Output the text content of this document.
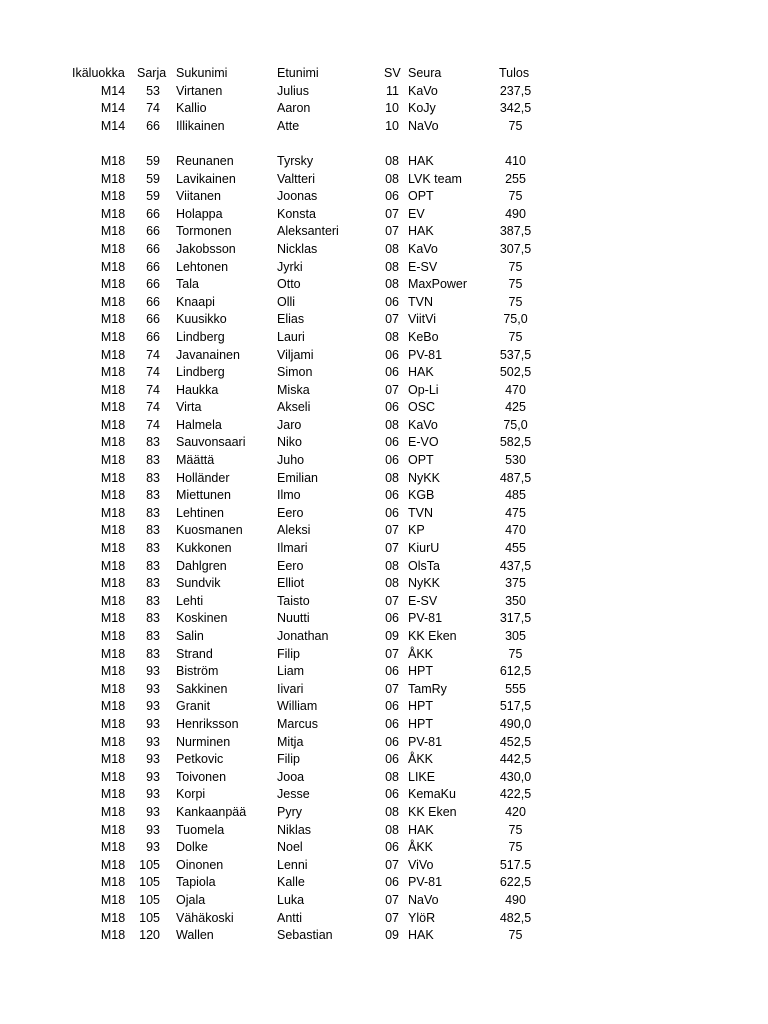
Ikäluokka Sarja Sukunimi	Etunimi	SV Seura	Tulos
M14	53 Virtanen	Julius	11 KaVo	237,5
M14	74 Kallio	Aaron	10 KoJy	342,5
M14	66 Illikainen	Atte	10 NaVo	75
M18	59 Reunanen	Tyrsky	08 HAK	410
M18	59 Lavikainen	Valtteri	08 LVK team	255
M18	59 Viitanen	Joonas	06 OPT	75
M18	66 Holappa	Konsta	07 EV	490
M18	66 Tormonen	Aleksanteri	07 HAK	387,5
M18	66 Jakobsson	Nicklas	08 KaVo	307,5
M18	66 Lehtonen	Jyrki	08 E-SV	75
M18	66 Tala	Otto	08 MaxPower	75
M18	66 Knaapi	Olli	06 TVN	75
M18	66 Kuusikko	Elias	07 ViitVi	75,0
M18	66 Lindberg	Lauri	08 KeBo	75
M18	74 Javanainen	Viljami	06 PV-81	537,5
M18	74 Lindberg	Simon	06 HAK	502,5
M18	74 Haukka	Miska	07 Op-Li	470
M18	74 Virta	Akseli	06 OSC	425
M18	74 Halmela	Jaro	08 KaVo	75,0
M18	83 Sauvonsaari	Niko	06 E-VO	582,5
M18	83 Määttä	Juho	06 OPT	530
M18	83 Holländer	Emilian	08 NyKK	487,5
M18	83 Miettunen	Ilmo	06 KGB	485
M18	83 Lehtinen	Eero	06 TVN	475
M18	83 Kuosmanen	Aleksi	07 KP	470
M18	83 Kukkonen	Ilmari	07 KiurU	455
M18	83 Dahlgren	Eero	08 OlsTa	437,5
M18	83 Sundvik	Elliot	08 NyKK	375
M18	83 Lehti	Taisto	07 E-SV	350
M18	83 Koskinen	Nuutti	06 PV-81	317,5
M18	83 Salin	Jonathan	09 KK Eken	305
M18	83 Strand	Filip	07 ÅKK	75
M18	93 Biström	Liam	06 HPT	612,5
M18	93 Sakkinen	Iivari	07 TamRy	555
M18	93 Granit	William	06 HPT	517,5
M18	93 Henriksson	Marcus	06 HPT	490,0
M18	93 Nurminen	Mitja	06 PV-81	452,5
M18	93 Petkovic	Filip	06 ÅKK	442,5
M18	93 Toivonen	Jooa	08 LIKE	430,0
M18	93 Korpi	Jesse	06 KemaKu	422,5
M18	93 Kankaanpää	Pyry	08 KK Eken	420
M18	93 Tuomela	Niklas	08 HAK	75
M18	93 Dolke	Noel	06 ÅKK	75
M18	105 Oinonen	Lenni	07 ViVo	517.5
M18	105 Tapiola	Kalle	06 PV-81	622,5
M18	105 Ojala	Luka	07 NaVo	490
M18	105 Vähäkoski	Antti	07 YlöR	482,5
M18	120 Wallen	Sebastian	09 HAK	75
